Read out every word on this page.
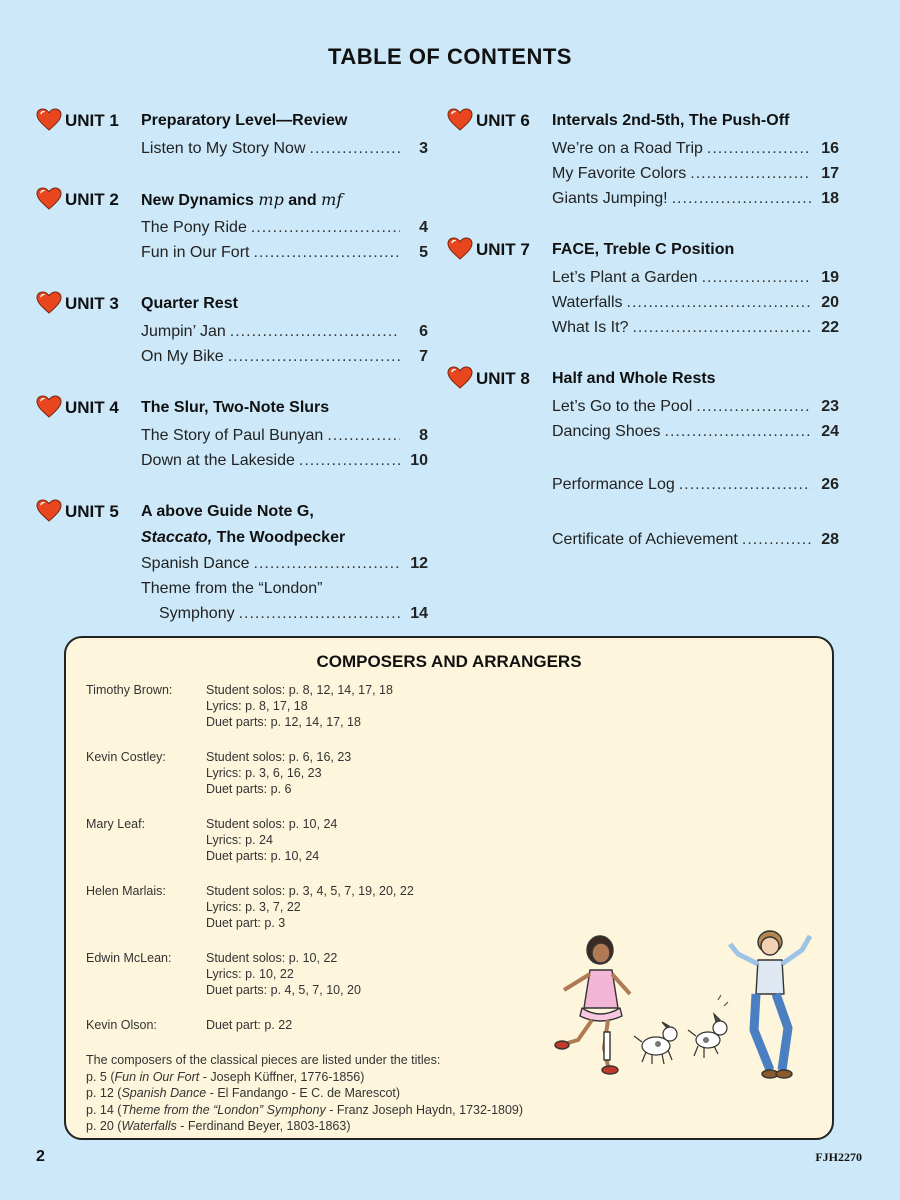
TABLE OF CONTENTS
UNIT 1	Preparatory Level—Review
Listen to My Story Now .....	3
UNIT 2	New Dynamics mp and mf
The Pony Ride .....	4
Fun in Our Fort .....	5
UNIT 3	Quarter Rest
Jumpin’ Jan .....	6
On My Bike .....	7
UNIT 4	The Slur, Two-Note Slurs
The Story of Paul Bunyan .....	8
Down at the Lakeside .....	10
UNIT 5	A above Guide Note G,
Staccato, The Woodpecker
Spanish Dance .....	12
Theme from the “London”
Symphony .....	14
UNIT 6	Intervals 2nd-5th, The Push-Off
We’re on a Road Trip .....	16
My Favorite Colors .....	17
Giants Jumping! .....	18
UNIT 7	FACE, Treble C Position
Let’s Plant a Garden .....	19
Waterfalls .....	20
What Is It? .....	22
UNIT 8	Half and Whole Rests
Let’s Go to the Pool .....	23
Dancing Shoes .....	24
Performance Log .....	26
Certificate of Achievement .....	28
COMPOSERS AND ARRANGERS
Timothy Brown:	Student solos: p. 8, 12, 14, 17, 18
Lyrics: p. 8, 17, 18
Duet parts: p. 12, 14, 17, 18
Kevin Costley:	Student solos: p. 6, 16, 23
Lyrics: p. 3, 6, 16, 23
Duet parts: p. 6
Mary Leaf:	Student solos: p. 10, 24
Lyrics: p. 24
Duet parts: p. 10, 24
Helen Marlais:	Student solos: p. 3, 4, 5, 7, 19, 20, 22
Lyrics: p. 3, 7, 22
Duet part: p. 3
Edwin McLean:	Student solos: p. 10, 22
Lyrics: p. 10, 22
Duet parts: p. 4, 5, 7, 10, 20
Kevin Olson:	Duet part: p. 22
The composers of the classical pieces are listed under the titles:
p. 5 (Fun in Our Fort - Joseph Küffner, 1776-1856)
p. 12 (Spanish Dance - El Fandango - E C. de Marescot)
p. 14 (Theme from the “London” Symphony - Franz Joseph Haydn, 1732-1809)
p. 20 (Waterfalls - Ferdinand Beyer, 1803-1863)
2	FJH2270
